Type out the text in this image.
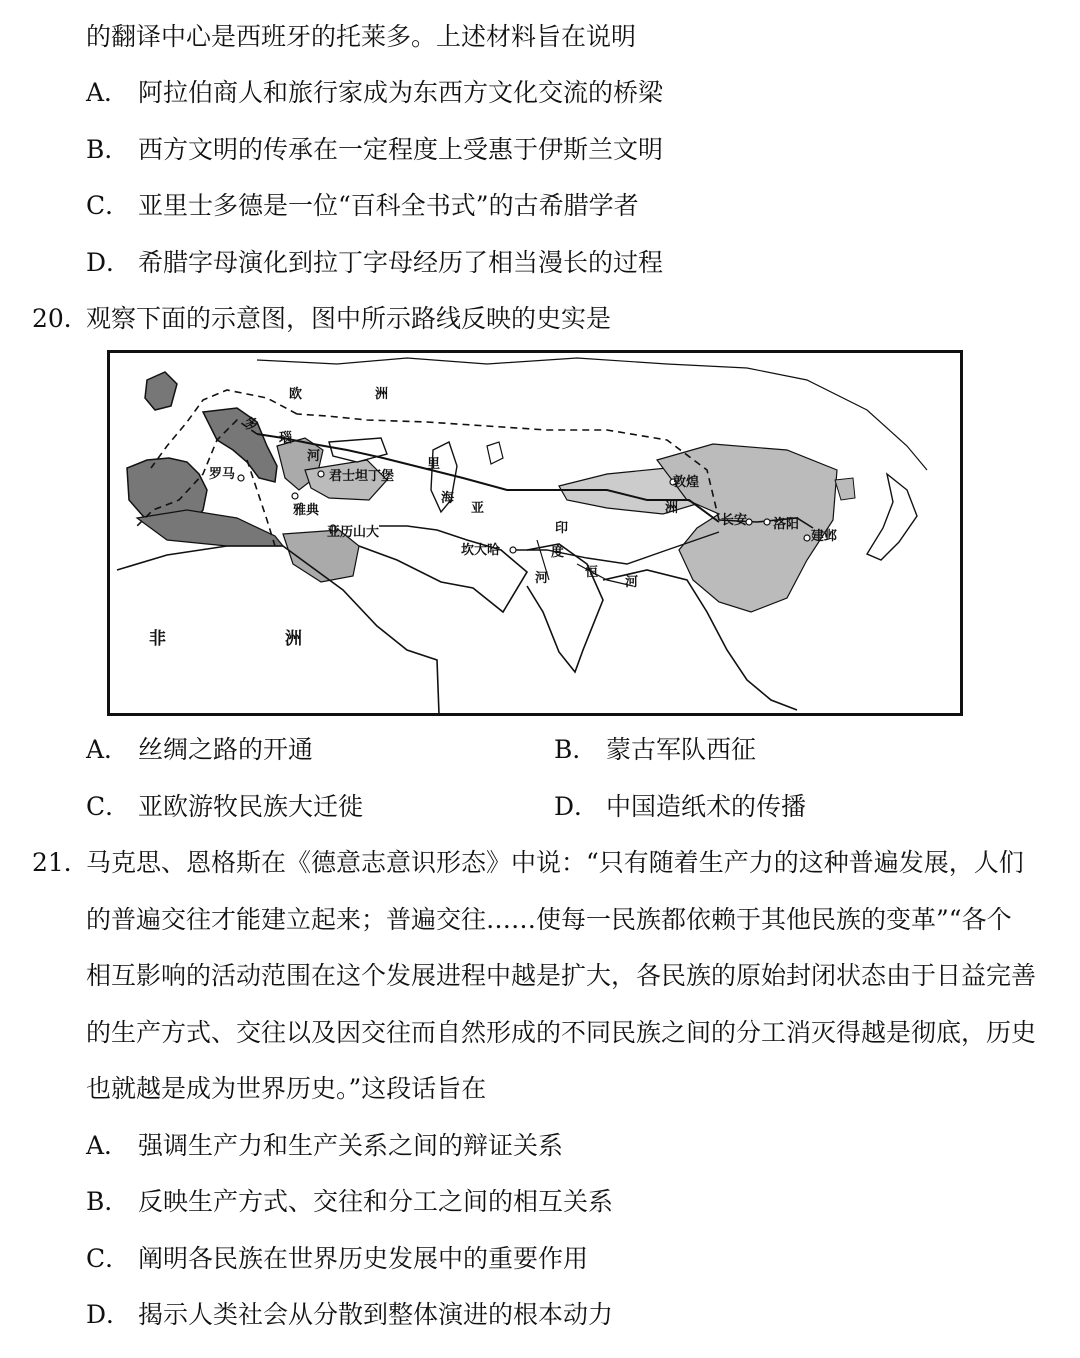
的翻译中心是西班牙的托莱多。上述材料旨在说明
A． 阿拉伯商人和旅行家成为东西方文化交流的桥梁
B． 西方文明的传承在一定程度上受惠于伊斯兰文明
C． 亚里士多德是一位“百科全书式”的古希腊学者
D． 希腊字母演化到拉丁字母经历了相当漫长的过程
20．观察下面的示意图，图中所示路线反映的史实是
欧	洲
多
瑙
河
罗马	君士坦丁堡
雅典
亚历山大
里
海
亚	洲
敦煌
长安 洛阳
建邺
坎大哈
印
度
河	恒
河
非	洲
A． 丝绸之路的开通	B． 蒙古军队西征
C． 亚欧游牧民族大迁徙	D． 中国造纸术的传播
21．马克思、恩格斯在《德意志意识形态》中说：“只有随着生产力的这种普遍发展，人们
的普遍交往才能建立起来；普遍交往……使每一民族都依赖于其他民族的变革”“各个
相互影响的活动范围在这个发展进程中越是扩大，各民族的原始封闭状态由于日益完善
的生产方式、交往以及因交往而自然形成的不同民族之间的分工消灭得越是彻底，历史
也就越是成为世界历史。”这段话旨在
A． 强调生产力和生产关系之间的辩证关系
B． 反映生产方式、交往和分工之间的相互关系
C． 阐明各民族在世界历史发展中的重要作用
D． 揭示人类社会从分散到整体演进的根本动力
